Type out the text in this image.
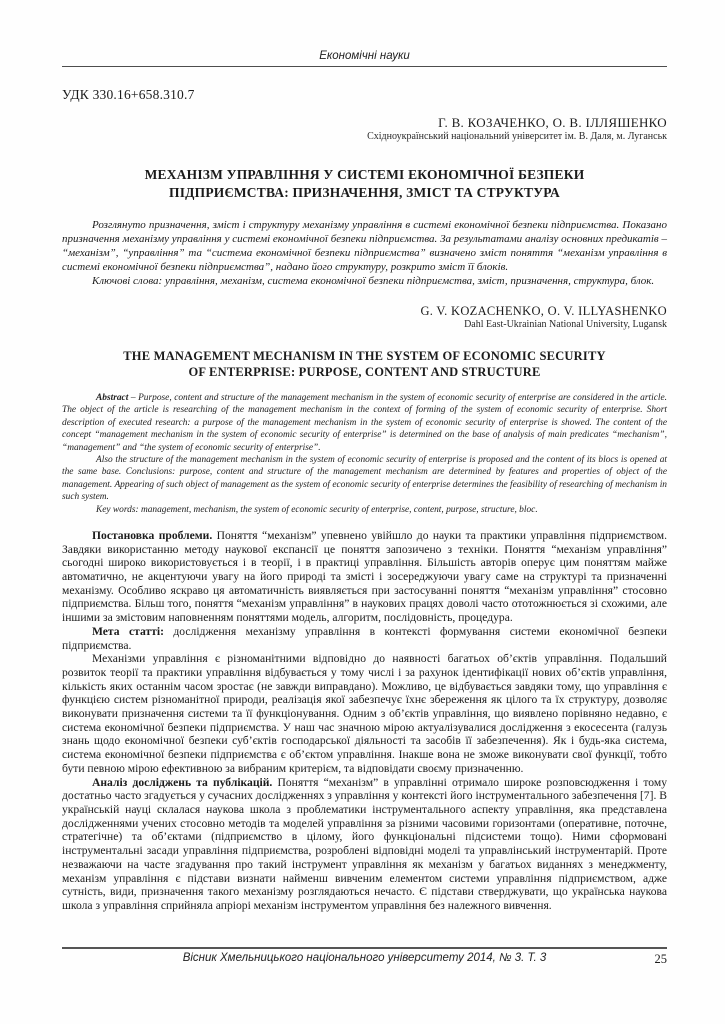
Економічні науки
УДК 330.16+658.310.7
Г. В. КОЗАЧЕНКО, О. В. ІЛЛЯШЕНКО
Східноукраїнський національний університет ім. В. Даля, м. Луганськ
МЕХАНІЗМ УПРАВЛІННЯ У СИСТЕМІ ЕКОНОМІЧНОЇ БЕЗПЕКИ
ПІДПРИЄМСТВА: ПРИЗНАЧЕННЯ, ЗМІСТ ТА СТРУКТУРА

Розглянуто призначення, зміст і структуру механізму управління в системі економічної безпеки підприємства. Показано призначення механізму управління у системі економічної безпеки підприємства. За результатами аналізу основних предикатів – “механізм”, “управління” та “система економічної безпеки підприємства” визначено зміст поняття “механізм управління в системі економічної безпеки підприємства”, надано його структуру, розкрито зміст її блоків.

Ключові слова: управління, механізм, система економічної безпеки підприємства, зміст, призначення, структура, блок.

G. V. KOZACHENKO, O. V. ILLYASHENKO
Dahl East-Ukrainian National University, Lugansk
THE MANAGEMENT MECHANISM IN THE SYSTEM OF ECONOMIC SECURITY
OF ENTERPRISE: PURPOSE, CONTENT AND STRUCTURE

Abstract – Purpose, content and structure of the management mechanism in the system of economic security of enterprise are considered in the article. The object of the article is researching of the management mechanism in the context of forming of the system of economic security of enterprise. Short description of executed research: a purpose of the management mechanism in the system of economic security of enterprise is showed. The content of the concept “management mechanism in the system of economic security of enterprise” is determined on the base of analysis of main predicates “mechanism”, “management” and “the system of economic security of enterprise”.

Also the structure of the management mechanism in the system of economic security of enterprise is proposed and the content of its blocs is opened at the same base. Conclusions: purpose, content and structure of the management mechanism are determined by features and properties of object of the management. Appearing of such object of management as the system of economic security of enterprise determines the feasibility of researching of mechanism in such system.

Key words: management, mechanism, the system of economic security of enterprise, content, purpose, structure, bloc.

Постановка проблеми. Поняття “механізм” упевнено увійшло до науки та практики управління підприємством. Завдяки використанню методу наукової експансії це поняття запозичено з техніки. Поняття “механізм управління” сьогодні широко використовується і в теорії, і в практиці управління. Більшість авторів оперує цим поняттям майже автоматично, не акцентуючи увагу на його природі та змісті і зосереджуючи увагу саме на структурі та призначенні механізму. Особливо яскраво ця автоматичність виявляється при застосуванні поняття “механізм управління” стосовно підприємства. Більш того, поняття “механізм управління” в наукових працях доволі часто ототожнюється зі схожими, але іншими за змістовим наповненням поняттями модель, алгоритм, послідовність, процедура.

Мета статті: дослідження механізму управління в контексті формування системи економічної безпеки підприємства.

Механізми управління є різноманітними відповідно до наявності багатьох об’єктів управління. Подальший розвиток теорії та практики управління відбувається у тому числі і за рахунок ідентифікації нових об’єктів управління, кількість яких останнім часом зростає (не завжди виправдано). Можливо, це відбувається завдяки тому, що управління є функцією систем різноманітної природи, реалізація якої забезпечує їхнє збереження як цілого та їх структуру, дозволяє виконувати призначення системи та її функціонування. Одним з об’єктів управління, що виявлено порівняно недавно, є система економічної безпеки підприємства. У наш час значною мірою актуалізувалися дослідження з екосесента (галузь знань щодо економічної безпеки суб’єктів господарської діяльності та засобів її забезпечення). Як і будь-яка система, система економічної безпеки підприємства є об’єктом управління. Інакше вона не зможе виконувати свої функції, тобто бути певною мірою ефективною за вибраним критерієм, та відповідати своєму призначенню.

Аналіз досліджень та публікацій. Поняття “механізм” в управлінні отримало широке розповсюдження і тому достатньо часто згадується у сучасних дослідженнях з управління у контексті його інструментального забезпечення [7]. В українській науці склалася наукова школа з проблематики інструментального аспекту управління, яка представлена дослідженнями учених стосовно методів та моделей управління за різними часовими горизонтами (оперативне, поточне, стратегічне) та об’єктами (підприємство в цілому, його функціональні підсистеми тощо). Ними сформовані інструментальні засади управління підприємства, розроблені відповідні моделі та управлінський інструментарій. Проте незважаючи на часте згадування про такий інструмент управління як механізм у багатьох виданнях з менеджменту, механізм управління є підстави визнати найменш вивченим елементом системи управління підприємством, адже сутність, види, призначення такого механізму розглядаються нечасто. Є підстави стверджувати, що українська наукова школа з управління сприйняла апріорі механізм інструментом управління без належного вивчення.

Вісник Хмельницького національного університету 2014, № 3. Т. 3	25
